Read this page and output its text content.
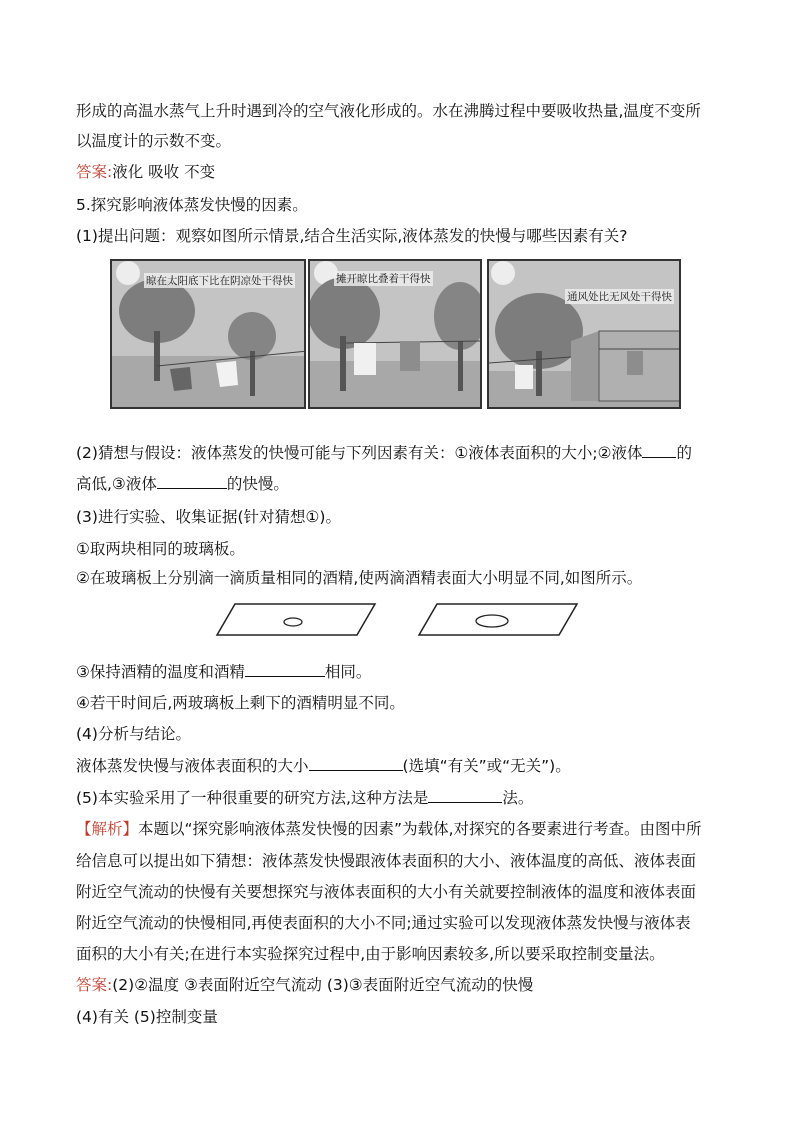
形成的高温水蒸气上升时遇到冷的空气液化形成的。水在沸腾过程中要吸收热量,温度不变所
以温度计的示数不变。
答案:液化 吸收 不变
5.探究影响液体蒸发快慢的因素。
(1)提出问题：观察如图所示情景,结合生活实际,液体蒸发的快慢与哪些因素有关?
晾在太阳底下比在阴凉处干得快	摊开晾比叠着干得快
通风处比无风处干得快
(2)猜想与假设：液体蒸发的快慢可能与下列因素有关：①液体表面积的大小;②液体 的
高低,③液体	的快慢。
(3)进行实验、收集证据(针对猜想①)。
①取两块相同的玻璃板。
②在玻璃板上分别滴一滴质量相同的酒精,使两滴酒精表面大小明显不同,如图所示。
③保持酒精的温度和酒精	相同。
④若干时间后,两玻璃板上剩下的酒精明显不同。
(4)分析与结论。
液体蒸发快慢与液体表面积的大小	(选填“有关”或“无关”)。
(5)本实验采用了一种很重要的研究方法,这种方法是	法。
【解析】本题以“探究影响液体蒸发快慢的因素”为载体,对探究的各要素进行考查。由图中所
给信息可以提出如下猜想：液体蒸发快慢跟液体表面积的大小、液体温度的高低、液体表面
附近空气流动的快慢有关要想探究与液体表面积的大小有关就要控制液体的温度和液体表面
附近空气流动的快慢相同,再使表面积的大小不同;通过实验可以发现液体蒸发快慢与液体表
面积的大小有关;在进行本实验探究过程中,由于影响因素较多,所以要采取控制变量法。
答案:(2)②温度 ③表面附近空气流动 (3)③表面附近空气流动的快慢
(4)有关 (5)控制变量
